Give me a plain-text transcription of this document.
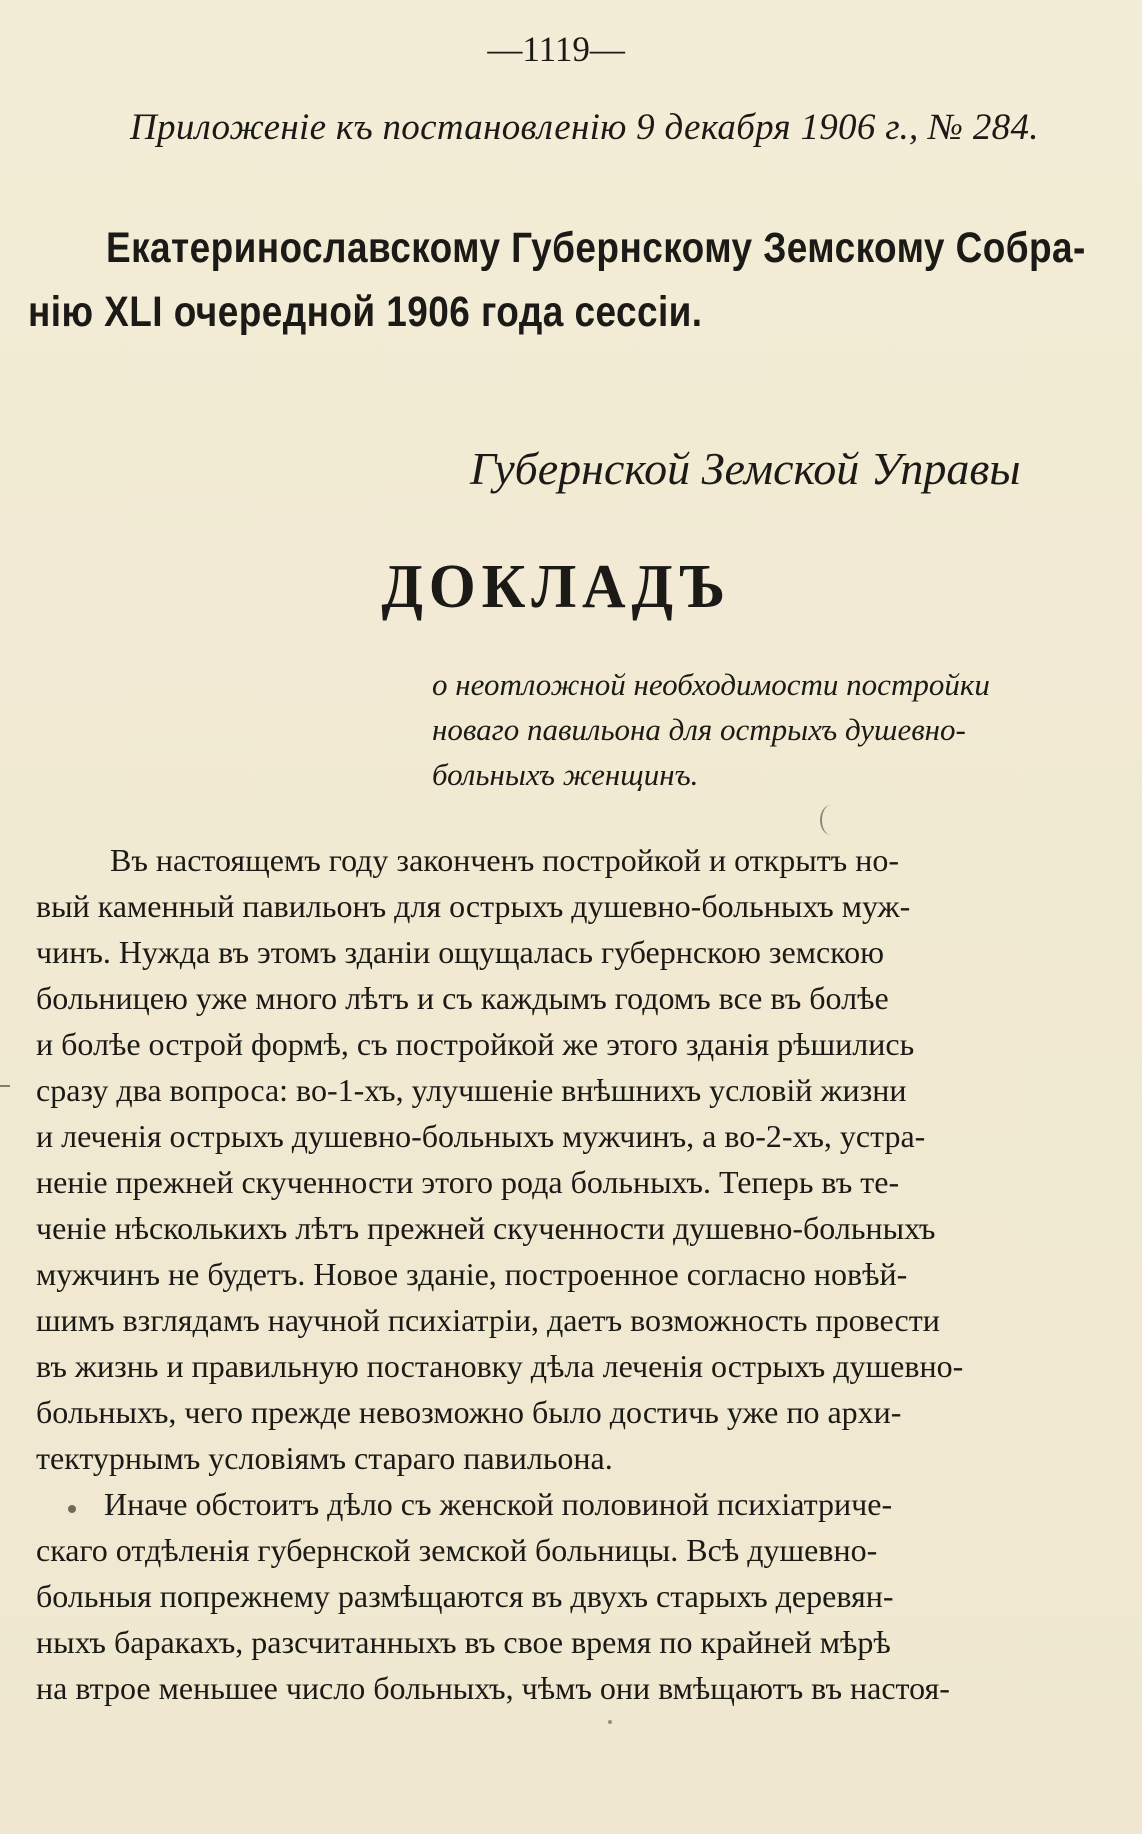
—1119—
Приложенiе къ постановленiю 9 декабря 1906 г., № 284.
Екатеринославскому Губернскому Земскому Собра-
нiю XLI очередной 1906 года сессiи.
Губернской Земской Управы
ДОКЛАДЪ
о неотложной необходимости постройки
новаго павильона для острыхъ душевно-
больныхъ женщинъ.
Въ настоящемъ году законченъ постройкой и открытъ но-
вый каменный павильонъ для острыхъ душевно-больныхъ муж-
чинъ. Нужда въ этомъ зданiи ощущалась губернскою земскою
больницею уже много лѣтъ и съ каждымъ годомъ все въ болѣе
и болѣе острой формѣ, съ постройкой же этого зданiя рѣшились
сразу два вопроса: во-1-хъ, улучшенiе внѣшнихъ условiй жизни
и леченiя острыхъ душевно-больныхъ мужчинъ, а во-2-хъ, устра-
ненiе прежней скученности этого рода больныхъ. Теперь въ те-
ченiе нѣсколькихъ лѣтъ прежней скученности душевно-больныхъ
мужчинъ не будетъ. Новое зданiе, построенное согласно новѣй-
шимъ взглядамъ научной психiатрiи, даетъ возможность провести
въ жизнь и правильную постановку дѣла леченiя острыхъ душевно-
больныхъ, чего прежде невозможно было достичь уже по архи-
тектурнымъ условiямъ стараго павильона.
Иначе обстоитъ дѣло съ женской половиной психiатриче-
скаго отдѣленiя губернской земской больницы. Всѣ душевно-
больныя попрежнему размѣщаются въ двухъ старыхъ деревян-
ныхъ баракахъ, разсчитанныхъ въ свое время по крайней мѣрѣ
на втрое меньшее число больныхъ, чѣмъ они вмѣщаютъ въ настоя-
